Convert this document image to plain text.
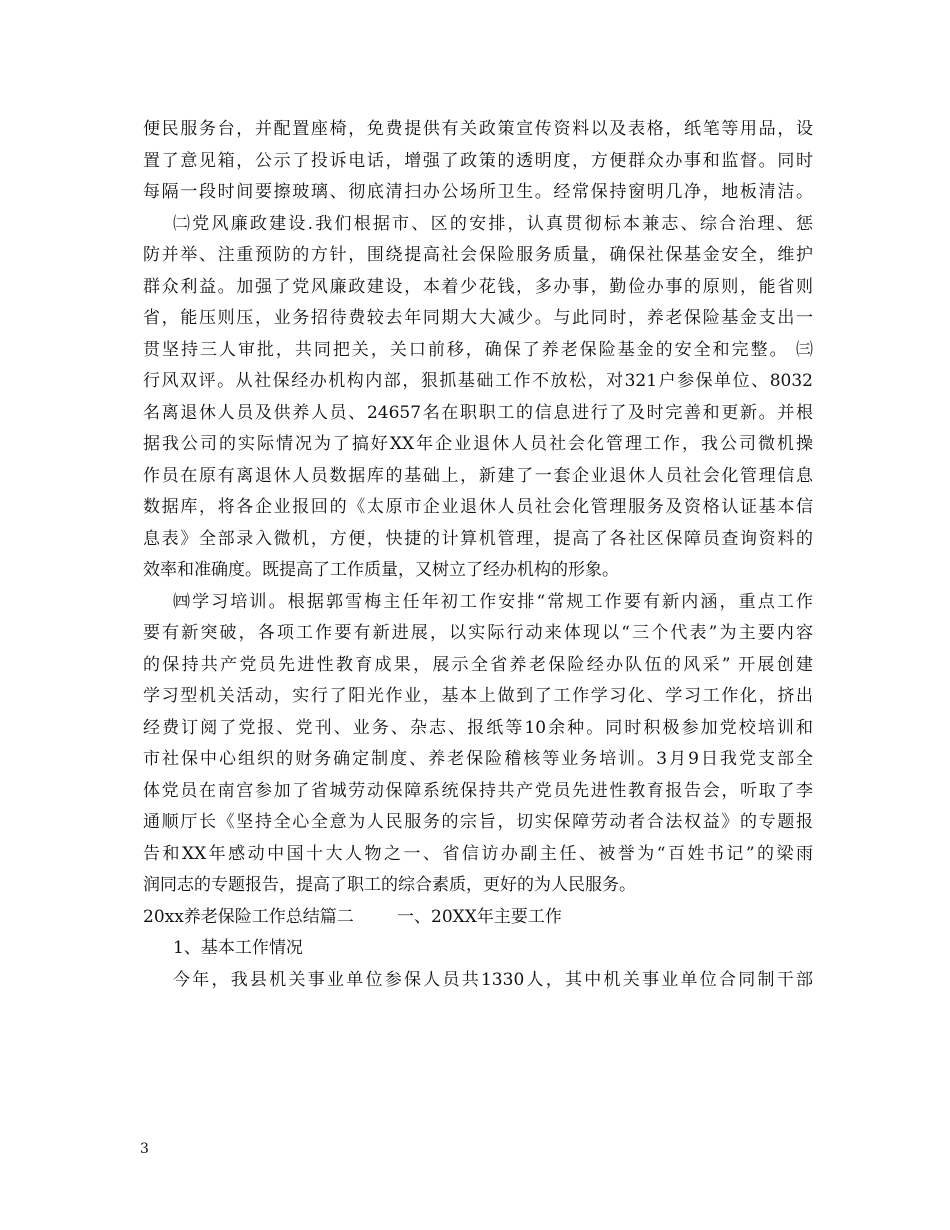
便民服务台，并配置座椅，免费提供有关政策宣传资料以及表格，纸笔等用品，设
置了意见箱，公示了投诉电话，增强了政策的透明度，方便群众办事和监督。同时
每隔一段时间要擦玻璃、彻底清扫办公场所卫生。经常保持窗明几净，地板清洁。
㈡党风廉政建设.我们根据市、区的安排，认真贯彻标本兼志、综合治理、惩
防并举、注重预防的方针，围绕提高社会保险服务质量，确保社保基金安全，维护
群众利益。加强了党风廉政建设，本着少花钱，多办事，勤俭办事的原则，能省则
省，能压则压，业务招待费较去年同期大大减少。与此同时，养老保险基金支出一
贯坚持三人审批，共同把关，关口前移，确保了养老保险基金的安全和完整。 ㈢
行风双评。从社保经办机构内部，狠抓基础工作不放松，对321户参保单位、8032
名离退休人员及供养人员、24657名在职职工的信息进行了及时完善和更新。并根
据我公司的实际情况为了搞好XX年企业退休人员社会化管理工作，我公司微机操
作员在原有离退休人员数据库的基础上，新建了一套企业退休人员社会化管理信息
数据库，将各企业报回的《太原市企业退休人员社会化管理服务及资格认证基本信
息表》全部录入微机，方便，快捷的计算机管理，提高了各社区保障员查询资料的
效率和准确度。既提高了工作质量，又树立了经办机构的形象。
㈣学习培训。根据郭雪梅主任年初工作安排“常规工作要有新内涵，重点工作
要有新突破，各项工作要有新进展，以实际行动来体现以“三个代表”为主要内容
的保持共产党员先进性教育成果，展示全省养老保险经办队伍的风采” 开展创建
学习型机关活动，实行了阳光作业，基本上做到了工作学习化、学习工作化，挤出
经费订阅了党报、党刊、业务、杂志、报纸等10余种。同时积极参加党校培训和
市社保中心组织的财务确定制度、养老保险稽核等业务培训。3月9日我党支部全
体党员在南宫参加了省城劳动保障系统保持共产党员先进性教育报告会，听取了李
通顺厅长《坚持全心全意为人民服务的宗旨，切实保障劳动者合法权益》的专题报
告和XX年感动中国十大人物之一、省信访办副主任、被誉为“百姓书记”的梁雨
润同志的专题报告，提高了职工的综合素质，更好的为人民服务。
20xx养老保险工作总结篇二        一、20XX年主要工作
1、基本工作情况
今年，我县机关事业单位参保人员共1330人，其中机关事业单位合同制干部
3
